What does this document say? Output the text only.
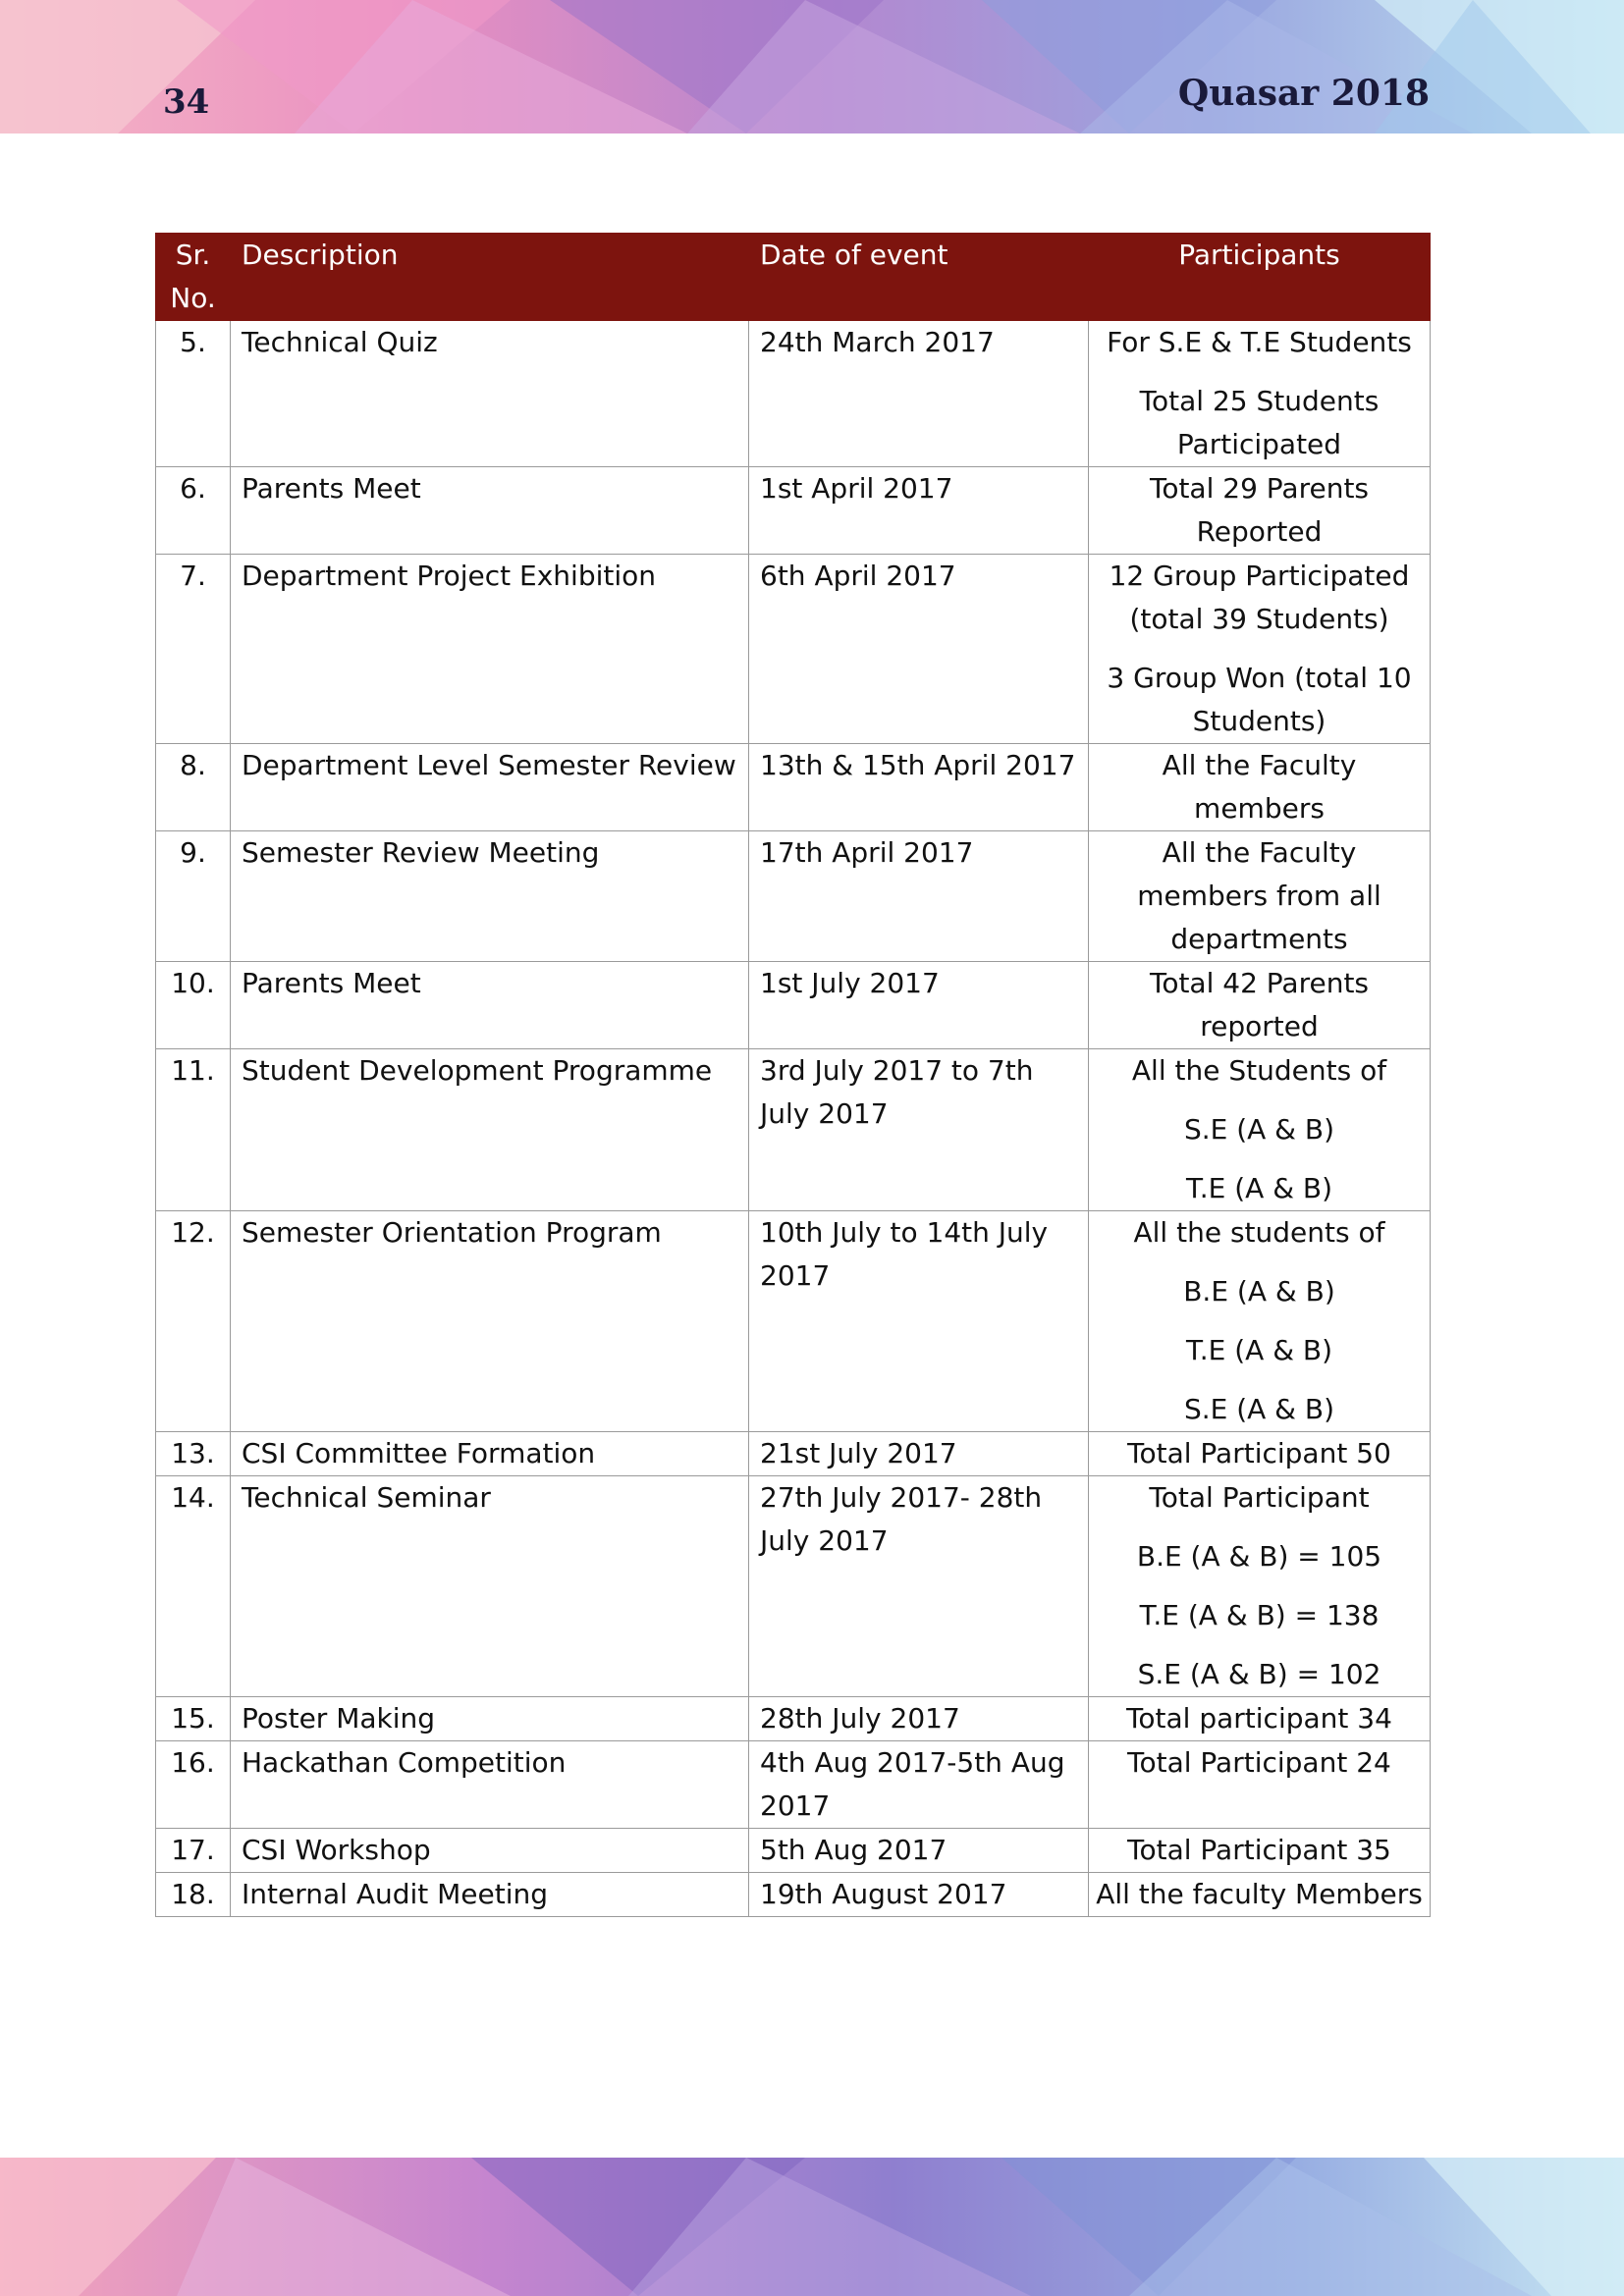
34	Quasar 2018
Sr. No.	Description	Date of event	Participants
5.	Technical Quiz	24th March 2017	For S.E & T.E Students
Total 25 Students Participated

6.	Parents Meet	1st April 2017	Total 29 Parents Reported

7.	Department Project Exhibition	6th April 2017	12 Group Participated (total 39 Students)
3 Group Won (total 10 Students)

8.	Department Level Semester Review	13th & 15th April 2017	All the Faculty members

9.	Semester Review Meeting	17th April 2017	All the Faculty members from all departments

10.	Parents Meet	1st July 2017	Total 42 Parents reported

11.	Student Development Programme	3rd July 2017 to 7th July 2017	All the Students of
S.E (A & B)
T.E (A & B)

12.	Semester Orientation Program	10th July to 14th July 2017	All the students of
B.E (A & B)
T.E (A & B)
S.E (A & B)

13.	CSI Committee Formation	21st July 2017	Total Participant 50

14.	Technical Seminar	27th July 2017- 28th July 2017	Total Participant
B.E (A & B) = 105
T.E (A & B) = 138
S.E (A & B) = 102

15.	Poster Making	28th July 2017	Total participant 34

16.	Hackathan Competition	4th Aug 2017-5th Aug 2017	Total Participant 24

17.	CSI Workshop	5th Aug 2017	Total Participant 35

18.	Internal Audit Meeting	19th August 2017	All the faculty Members
